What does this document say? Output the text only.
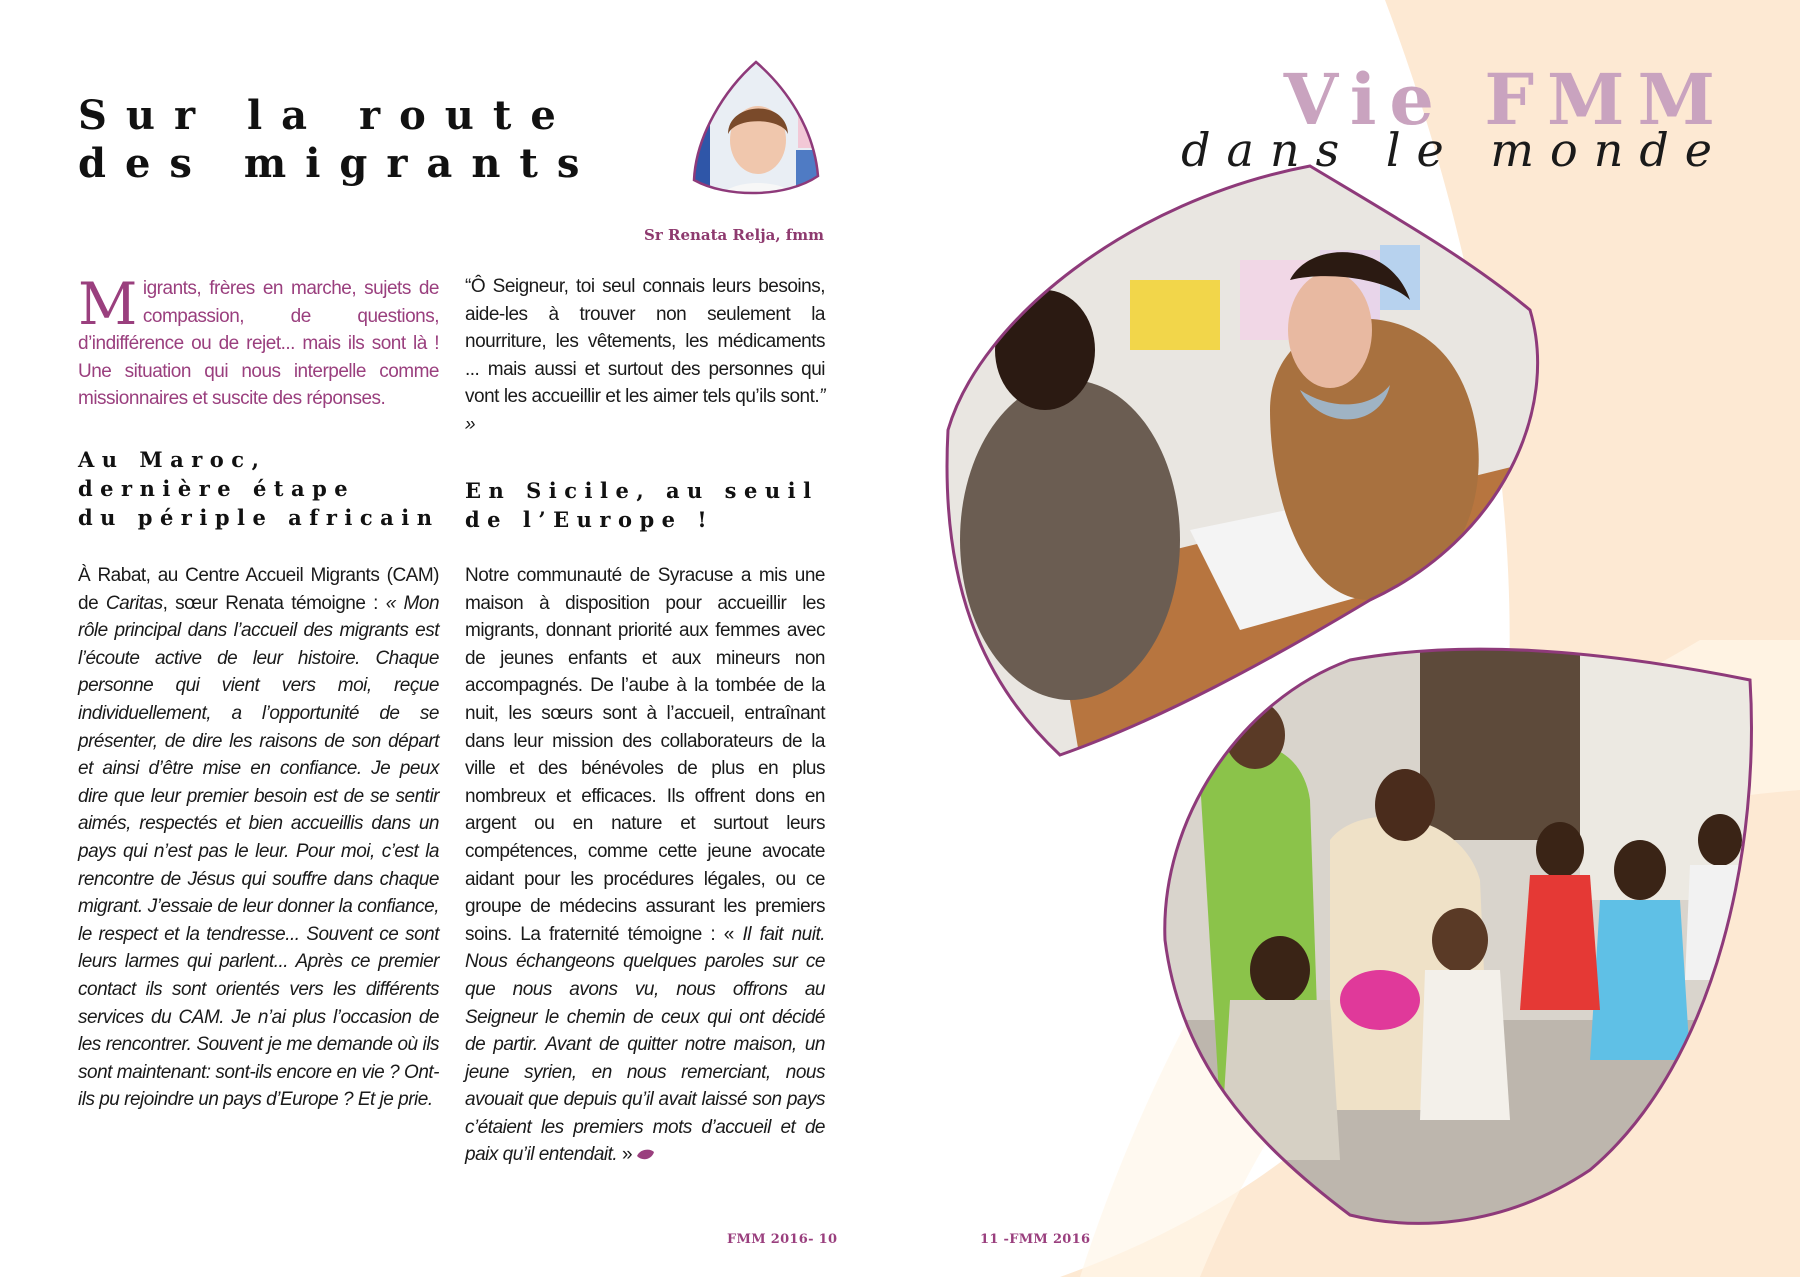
Sur la route
des migrants
Sr Renata Relja, fmm
Migrants, frères en marche, sujets de compassion, de questions, d’indifférence ou de rejet... mais ils sont là ! Une situation qui nous interpelle comme missionnaires et suscite des réponses.
Au Maroc,
dernière étape
du périple africain
À Rabat, au Centre Accueil Migrants (CAM) de Caritas, sœur Renata témoigne : « Mon rôle principal dans l’accueil des migrants est l’écoute active de leur histoire. Chaque personne qui vient vers moi, reçue individuellement, a l’opportunité de se présenter, de dire les raisons de son départ et ainsi d’être mise en confiance. Je peux dire que leur premier besoin est de se sentir aimés, respectés et bien accueillis dans un pays qui n’est pas le leur. Pour moi, c’est la rencontre de Jésus qui souffre dans chaque migrant. J’essaie de leur donner la confiance, le respect et la tendresse... Souvent ce sont leurs larmes qui parlent... Après ce premier contact ils sont orientés vers les différents services du CAM. Je n’ai plus l’occasion de les rencontrer. Souvent je me demande où ils sont maintenant: sont-ils encore en vie ? Ont-ils pu rejoindre un pays d’Europe ? Et je prie.
“Ô Seigneur, toi seul connais leurs besoins, aide-les à trouver non seulement la nourriture, les vêtements, les médicaments ... mais aussi et surtout des personnes qui vont les accueillir et les aimer tels qu’ils sont.” »
En Sicile, au seuil
de l’Europe !
Notre communauté de Syracuse a mis une maison à disposition pour accueillir les migrants, donnant priorité aux femmes avec de jeunes enfants et aux mineurs non accompagnés. De l’aube à la tombée de la nuit, les sœurs sont à l’accueil, entraînant dans leur mission des collaborateurs de la ville et des bénévoles de plus en plus nombreux et efficaces. Ils offrent dons en argent ou en nature et surtout leurs compétences, comme cette jeune avocate aidant pour les procédures légales, ou ce groupe de médecins assurant les premiers soins. La fraternité témoigne : « Il fait nuit. Nous échangeons quelques paroles sur ce que nous avons vu, nous offrons au Seigneur le chemin de ceux qui ont décidé de partir. Avant de quitter notre maison, un jeune syrien, en nous remerciant, nous avouait que depuis qu’il avait laissé son pays c’étaient les premiers mots d’accueil et de paix qu’il entendait. »
Vie FMM
dans le monde
FMM 2016- 10	11 -FMM 2016
